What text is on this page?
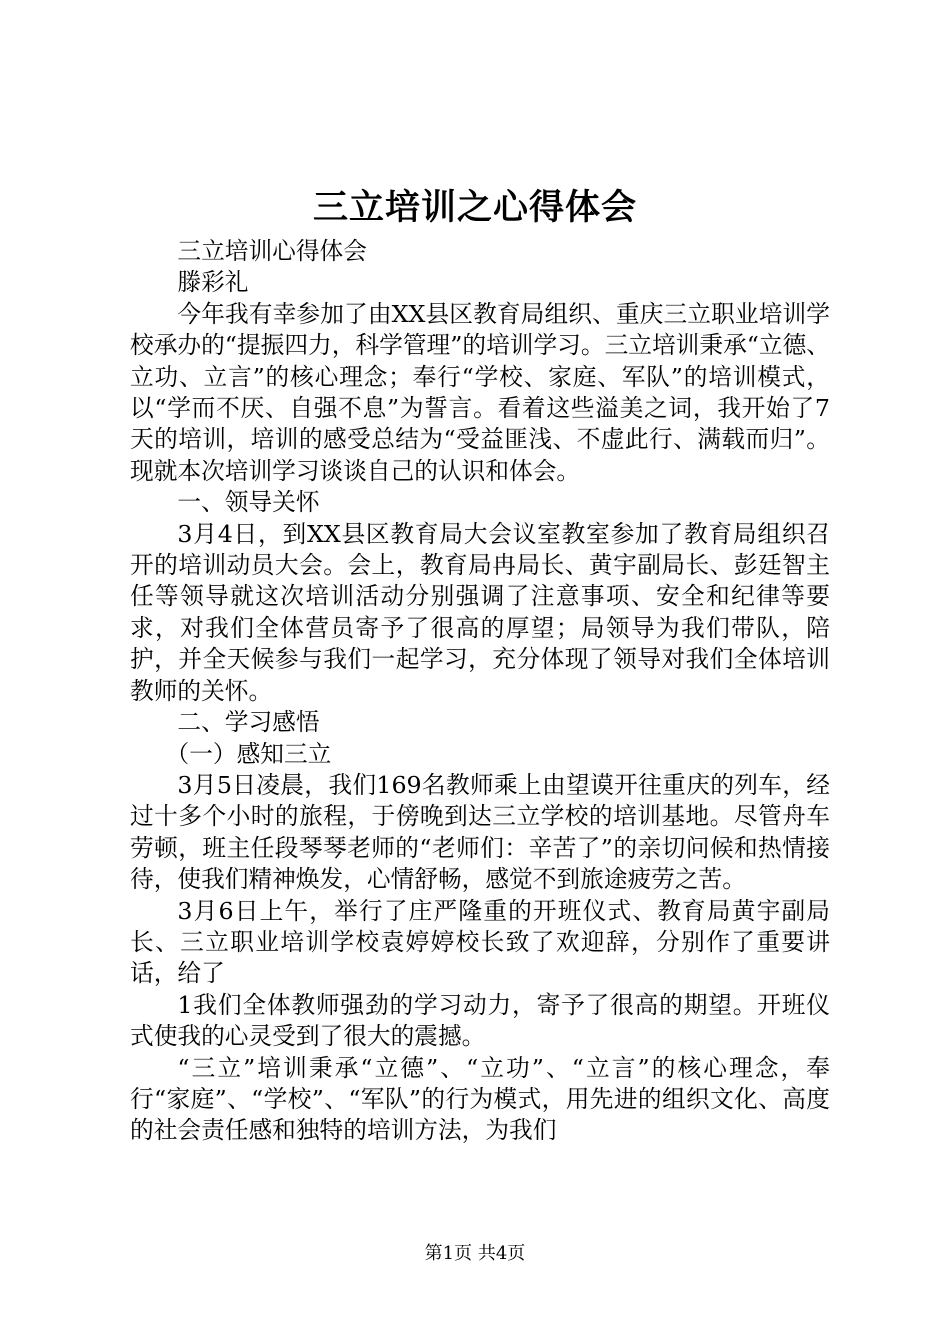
三立培训之心得体会

三立培训心得体会

滕彩礼

今年我有幸参加了由XX县区教育局组织、重庆三立职业培训学校承办的“提振四力，科学管理”的培训学习。三立培训秉承“立德、立功、立言”的核心理念；奉行“学校、家庭、军队”的培训模式，以“学而不厌、自强不息”为誓言。看着这些溢美之词，我开始了7天的培训，培训的感受总结为“受益匪浅、不虚此行、满载而归”。现就本次培训学习谈谈自己的认识和体会。

一、领导关怀

3月4日，到XX县区教育局大会议室教室参加了教育局组织召开的培训动员大会。会上，教育局冉局长、黄宇副局长、彭廷智主任等领导就这次培训活动分别强调了注意事项、安全和纪律等要求，对我们全体营员寄予了很高的厚望；局领导为我们带队，陪护，并全天候参与我们一起学习，充分体现了领导对我们全体培训教师的关怀。

二、学习感悟

（一）感知三立

3月5日凌晨，我们169名教师乘上由望谟开往重庆的列车，经过十多个小时的旅程，于傍晚到达三立学校的培训基地。尽管舟车劳顿，班主任段琴琴老师的“老师们：辛苦了”的亲切问候和热情接待，使我们精神焕发，心情舒畅，感觉不到旅途疲劳之苦。

3月6日上午，举行了庄严隆重的开班仪式、教育局黄宇副局长、三立职业培训学校袁婷婷校长致了欢迎辞，分别作了重要讲话，给了

1我们全体教师强劲的学习动力，寄予了很高的期望。开班仪式使我的心灵受到了很大的震撼。

“三立”培训秉承“立德”、“立功”、“立言”的核心理念，奉行“家庭”、“学校”、“军队”的行为模式，用先进的组织文化、高度的社会责任感和独特的培训方法，为我们

第1页 共4页
